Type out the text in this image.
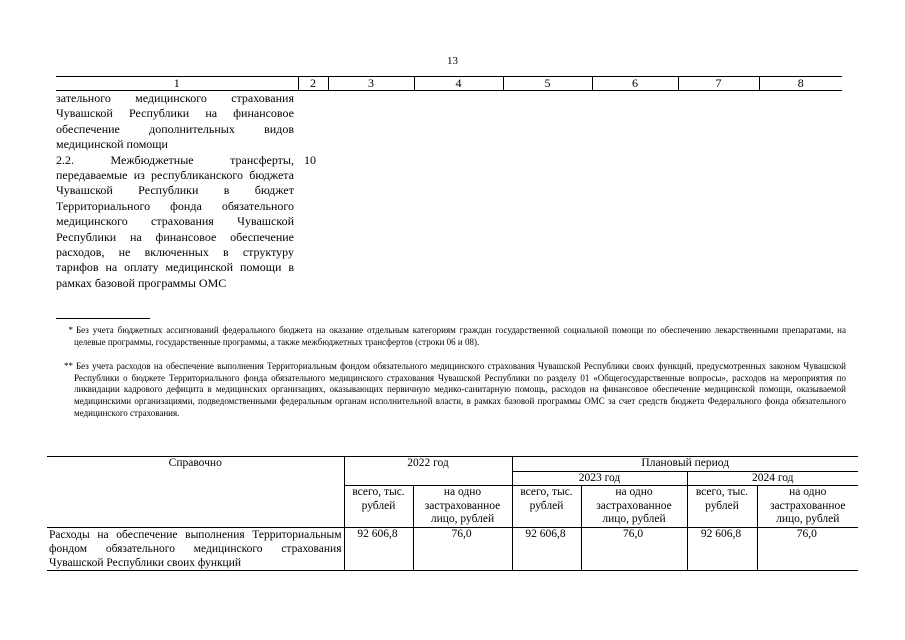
13
1	2	3	4	5	6	7	8
зательного медицинского страхования Чувашской Республики на финансовое обеспечение дополнительных видов медицинской помощи							
2.2. Межбюджетные трансферты, передаваемые из республиканского бюджета Чувашской Республики в бюджет Территориального фонда обязательного медицинского страхования Чувашской Республики на финансовое обеспечение расходов, не включенных в структуру тарифов на оплату медицинской помощи в рамках базовой программы ОМС	10						
* Без учета бюджетных ассигнований федерального бюджета на оказание отдельным категориям граждан государственной социальной помощи по обеспечению лекарственными препаратами, на целевые программы, государственные программы, а также межбюджетных трансфертов (строки 06 и 08).
** Без учета расходов на обеспечение выполнения Территориальным фондом обязательного медицинского страхования Чувашской Республики своих функций, предусмотренных законом Чувашской Республики о бюджете Территориального фонда обязательного медицинского страхования Чувашской Республики по разделу 01 «Общегосударственные вопросы», расходов на мероприятия по ликвидации кадрового дефицита в медицинских организациях, оказывающих первичную медико-санитарную помощь, расходов на финансовое обеспечение медицинской помощи, оказываемой медицинскими организациями, подведомственными федеральным органам исполнительной власти, в рамках базовой программы ОМС за счет средств бюджета Федерального фонда обязательного медицинского страхования.
Справочно	2022 год		Плановый период			
			2023 год		2024 год	
	всего, тыс. рублей	на одно застрахованное лицо, рублей	всего, тыс. рублей	на одно застрахованное лицо, рублей	всего, тыс. рублей	на одно застрахованное лицо, рублей
Расходы на обеспечение выполнения Территориальным фондом обязательного медицинского страхования Чувашской Республики своих функций	92 606,8	76,0	92 606,8	76,0	92 606,8	76,0
